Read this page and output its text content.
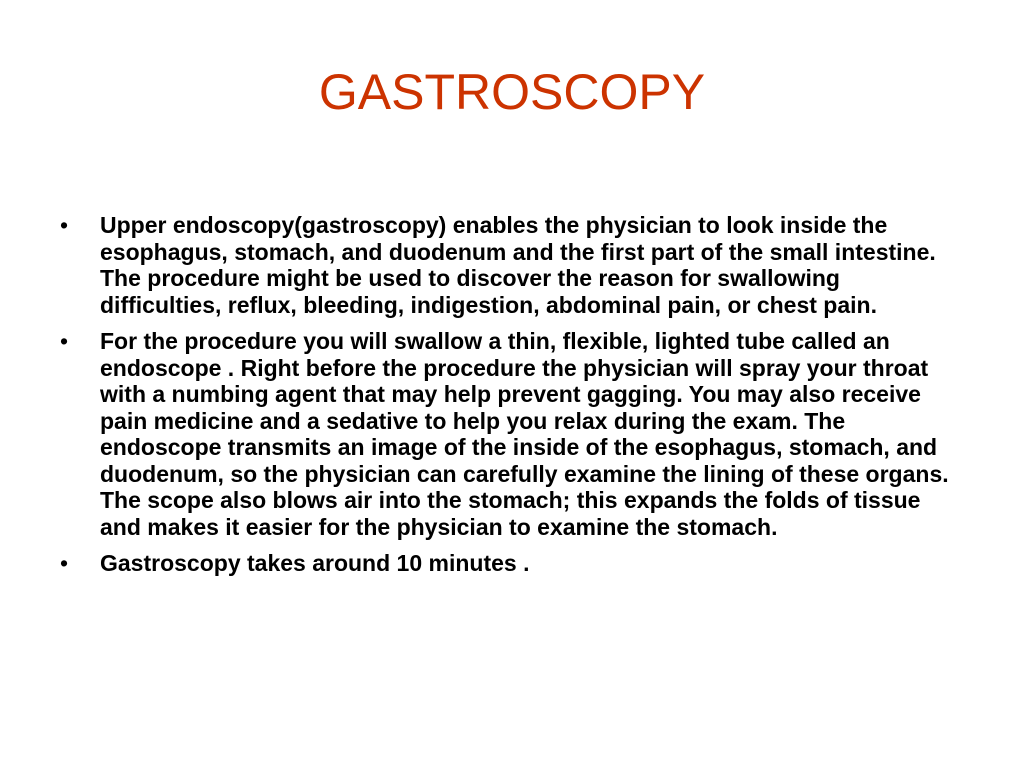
GASTROSCOPY
• Upper endoscopy(gastroscopy) enables the physician to look inside the esophagus, stomach, and duodenum and the first part of the small intestine. The procedure might be used to discover the reason for swallowing difficulties, reflux, bleeding, indigestion, abdominal pain, or chest pain.
• For the procedure you will swallow a thin, flexible, lighted tube called an endoscope . Right before the procedure the physician will spray your throat with a numbing agent that may help prevent gagging. You may also receive pain medicine and a sedative to help you relax during the exam. The endoscope transmits an image of the inside of the esophagus, stomach, and duodenum, so the physician can carefully examine the lining of these organs. The scope also blows air into the stomach; this expands the folds of tissue and makes it easier for the physician to examine the stomach.
• Gastroscopy takes around 10 minutes .
